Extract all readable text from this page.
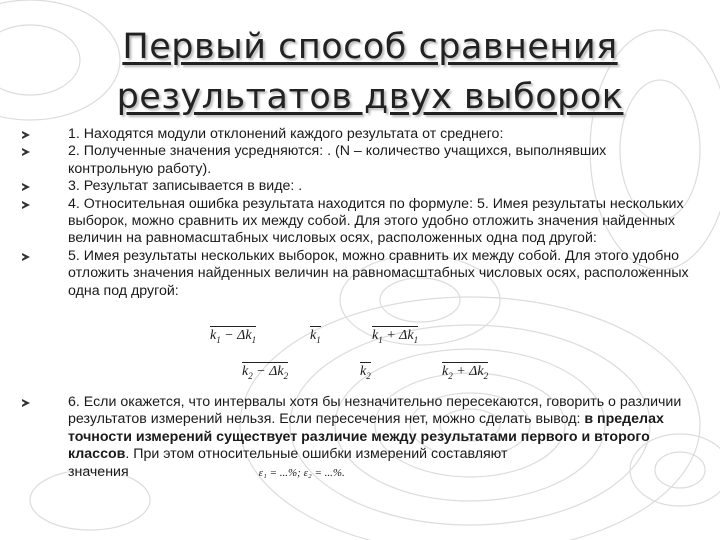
Первый способ сравнения
результатов двух выборок

1. Находятся модули отклонений каждого результата от среднего:

2. Полученные значения усредняются: . (N – количество учащихся, выполнявших контрольную работу).

3. Результат записывается в виде: .

4. Относительная ошибка результата находится по формуле: 5. Имея результаты нескольких выборок, можно сравнить их между собой. Для этого удобно отложить значения найденных величин на равномасштабных числовых осях, расположенных одна под другой:

5. Имея результаты нескольких выборок, можно сравнить их между собой. Для этого удобно отложить значения найденных величин на равномасштабных числовых осях, расположенных одна под другой:

$k_1 - \Delta k_1$	$k_1$	$k_1 + \Delta k_1$
$k_2 - \Delta k_2$	$k_2$	$k_2 + \Delta k_2$

6. Если окажется, что интервалы хотя бы незначительно пересекаются, говорить о различии результатов измерений нельзя. Если пересечения нет, можно сделать вывод: в пределах точности измерений существует различие между результатами первого и второго классов. При этом относительные ошибки измерений составляют значения	ε₁ = ...%; ε₂ = ...%.
